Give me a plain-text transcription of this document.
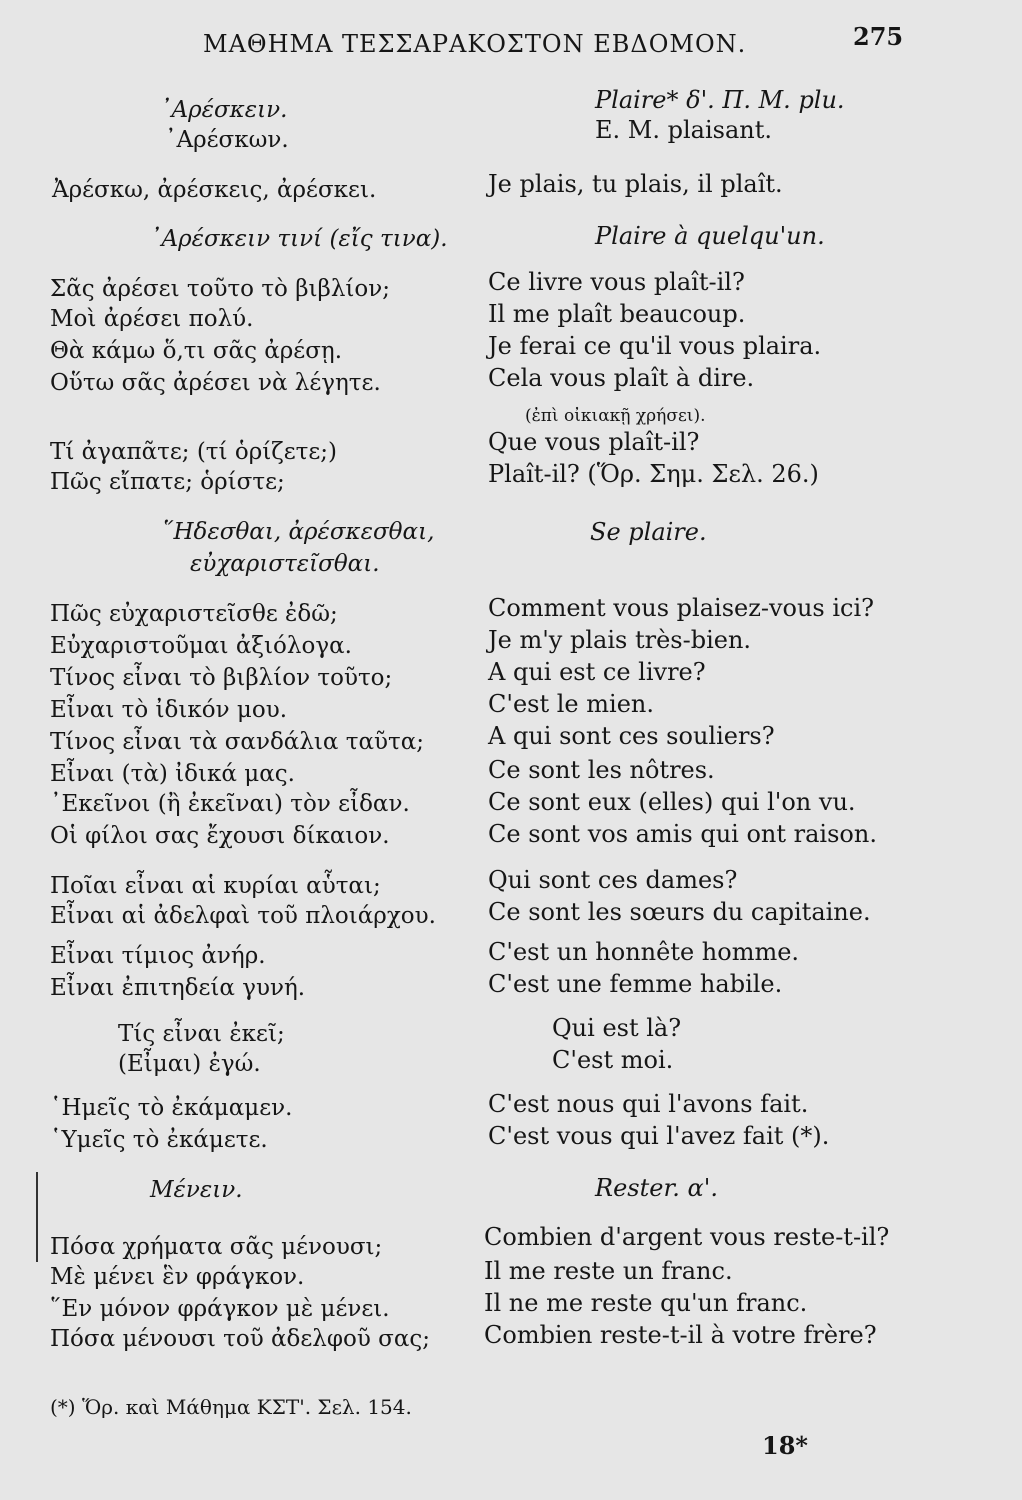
ΜΑΘΗΜΑ ΤΕΣΣΑΡΑΚΟΣΤΟΝ ΕΒΔΟΜΟΝ.	275
᾿Αρέσκειν.
᾿Αρέσκων.
Ἀρέσκω, ἀρέσκεις, ἀρέσκει.
᾿Αρέσκειν τινί (εἴς τινα).
Σᾶς ἀρέσει τοῦτο τὸ βιβλίον;
Μοὶ ἀρέσει πολύ.
Θὰ κάμω ὅ,τι σᾶς ἀρέσῃ.
Οὕτω σᾶς ἀρέσει νὰ λέγητε.
Τί ἀγαπᾶτε; (τί ὁρίζετε;)
Πῶς εἴπατε; ὁρίστε;
῞Ηδεσθαι, ἀρέσκεσθαι,
εὐχαριστεῖσθαι.
Πῶς εὐχαριστεῖσθε ἐδῶ;
Εὐχαριστοῦμαι ἀξιόλογα.
Τίνος εἶναι τὸ βιβλίον τοῦτο;
Εἶναι τὸ ἰδικόν μου.
Τίνος εἶναι τὰ σανδάλια ταῦτα;
Εἶναι (τὰ) ἰδικά μας.
᾿Εκεῖνοι (ἢ ἐκεῖναι) τὸν εἶδαν.
Οἱ φίλοι σας ἔχουσι δίκαιον.
Ποῖαι εἶναι αἱ κυρίαι αὗται;
Εἶναι αἱ ἀδελφαὶ τοῦ πλοιάρχου.
Εἶναι τίμιος ἀνήρ.
Εἶναι ἐπιτηδεία γυνή.
Τίς εἶναι ἐκεῖ;
(Εἶμαι) ἐγώ.
῾Ημεῖς τὸ ἐκάμαμεν.
῾Υμεῖς τὸ ἐκάμετε.
Μένειν.
Πόσα χρήματα σᾶς μένουσι;
Μὲ μένει ἓν φράγκον.
῞Εν μόνον φράγκον μὲ μένει.
Πόσα μένουσι τοῦ ἀδελφοῦ σας;
Plaire* δ'. Π. Μ. plu.
Ε. Μ. plaisant.
Je plais, tu plais, il plaît.
Plaire à quelqu'un.
Ce livre vous plaît-il?
Il me plaît beaucoup.
Je ferai ce qu'il vous plaira.
Cela vous plaît à dire.
(ἐπὶ οἰκιακῇ χρήσει).
Que vous plaît-il?
Plaît-il? (Ὅρ. Σημ. Σελ. 26.)
Se plaire.
Comment vous plaisez-vous ici?
Je m'y plais très-bien.
A qui est ce livre?
C'est le mien.
A qui sont ces souliers?
Ce sont les nôtres.
Ce sont eux (elles) qui l'on vu.
Ce sont vos amis qui ont raison.
Qui sont ces dames?
Ce sont les sœurs du capitaine.
C'est un honnête homme.
C'est une femme habile.
Qui est là?
C'est moi.
C'est nous qui l'avons fait.
C'est vous qui l'avez fait (*).
Rester. α'.
Combien d'argent vous reste-t-il?
Il me reste un franc.
Il ne me reste qu'un franc.
Combien reste-t-il à votre frère?
(*) Ὅρ. καὶ Μάθημα ΚΣΤ'. Σελ. 154.
18*
